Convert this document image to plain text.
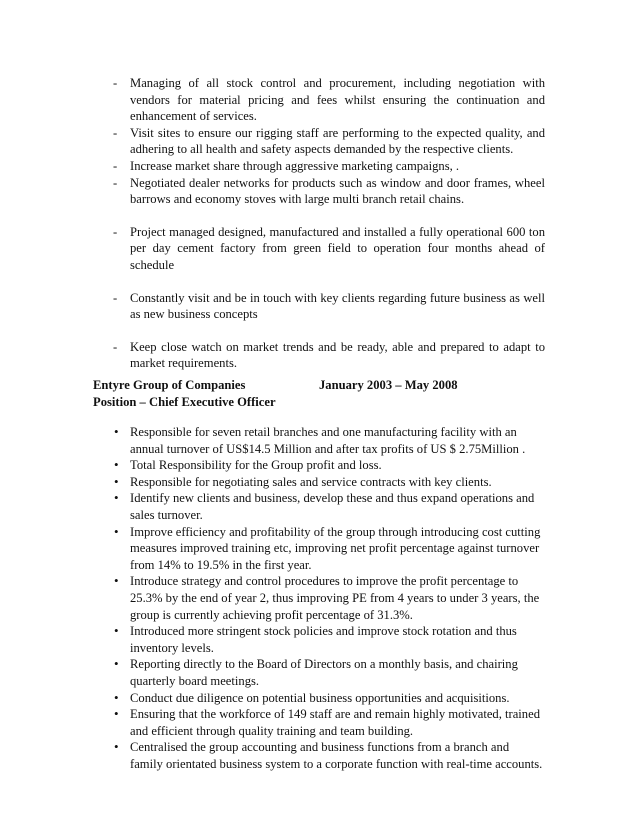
- Managing of all stock control and procurement, including negotiation with vendors for material pricing and fees whilst ensuring the continuation and enhancement of services.
- Visit sites to ensure our rigging staff are performing to the expected quality, and adhering to all health and safety aspects demanded by the respective clients.
- Increase market share through aggressive marketing campaigns, .
- Negotiated dealer networks for products such as window and door frames, wheel barrows and economy stoves with large multi branch retail chains.
- Project managed designed, manufactured and installed a fully operational 600 ton per day cement factory from green field to operation four months ahead of schedule
- Constantly visit and be in touch with key clients regarding future business as well as new business concepts
- Keep close watch on market trends and be ready, able and prepared to adapt to market requirements.
Entyre Group of Companies	January 2003 – May 2008
Position – Chief Executive Officer
• Responsible for seven retail branches and one manufacturing facility with an annual turnover of US$14.5 Million and after tax profits of US $ 2.75Million .
• Total Responsibility for the Group profit and loss.
• Responsible for negotiating sales and service contracts with key clients.
• Identify new clients and business, develop these and thus expand operations and sales turnover.
• Improve efficiency and profitability of the group through introducing cost cutting measures improved training etc, improving net profit percentage against turnover from 14% to 19.5% in the first year.
• Introduce strategy and control procedures to improve the profit percentage to 25.3% by the end of year 2, thus improving PE from 4 years to under 3 years, the group is currently achieving profit percentage of 31.3%.
• Introduced more stringent stock policies and improve stock rotation and thus inventory levels.
• Reporting directly to the Board of Directors on a monthly basis, and chairing quarterly board meetings.
• Conduct due diligence on potential business opportunities and acquisitions.
• Ensuring that the workforce of 149 staff are and remain highly motivated, trained and efficient through quality training and team building.
• Centralised the group accounting and business functions from a branch and family orientated business system to a corporate function with real-time accounts.
